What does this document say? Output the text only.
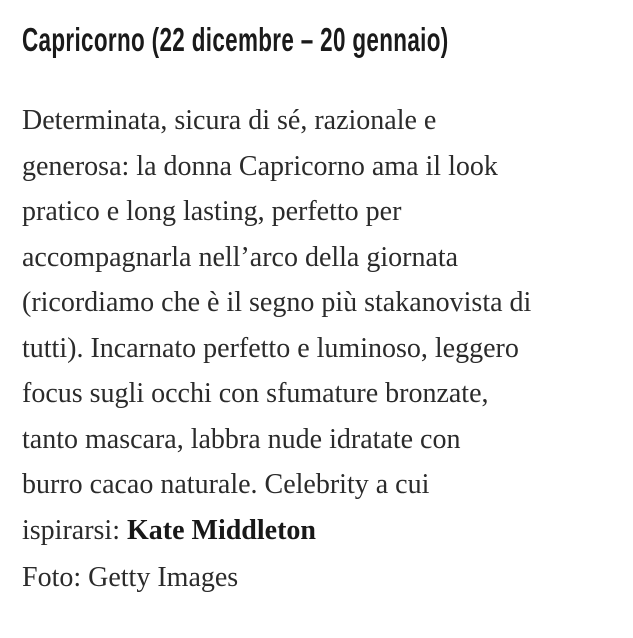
Capricorno (22 dicembre – 20 gennaio)
Determinata, sicura di sé, razionale e
generosa: la donna Capricorno ama il look
pratico e long lasting, perfetto per
accompagnarla nell’arco della giornata
(ricordiamo che è il segno più stakanovista di
tutti). Incarnato perfetto e luminoso, leggero
focus sugli occhi con sfumature bronzate,
tanto mascara, labbra nude idratate con
burro cacao naturale. Celebrity a cui
ispirarsi: Kate Middleton
Foto: Getty Images
